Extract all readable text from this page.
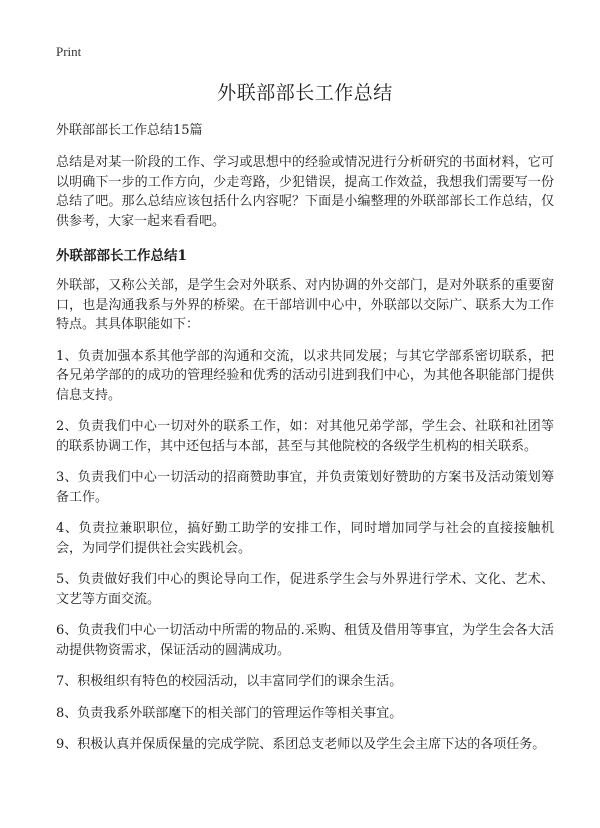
Print
外联部部长工作总结
外联部部长工作总结15篇

总结是对某一阶段的工作、学习或思想中的经验或情况进行分析研究的书面材料，它可以明确下一步的工作方向，少走弯路，少犯错误，提高工作效益，我想我们需要写一份总结了吧。那么总结应该包括什么内容呢？下面是小编整理的外联部部长工作总结，仅供参考，大家一起来看看吧。

外联部部长工作总结1

外联部，又称公关部，是学生会对外联系、对内协调的外交部门，是对外联系的重要窗口，也是沟通我系与外界的桥梁。在干部培训中心中，外联部以交际广、联系大为工作特点。其具体职能如下：

1、负责加强本系其他学部的沟通和交流，以求共同发展；与其它学部系密切联系，把各兄弟学部的的成功的管理经验和优秀的活动引进到我们中心，为其他各职能部门提供信息支持。

2、负责我们中心一切对外的联系工作，如：对其他兄弟学部，学生会、社联和社团等的联系协调工作，其中还包括与本部，甚至与其他院校的各级学生机构的相关联系。

3、负责我们中心一切活动的招商赞助事宜，并负责策划好赞助的方案书及活动策划筹备工作。

4、负责拉兼职职位，搞好勤工助学的安排工作，同时增加同学与社会的直接接触机会，为同学们提供社会实践机会。

5、负责做好我们中心的舆论导向工作，促进系学生会与外界进行学术、文化、艺术、文艺等方面交流。

6、负责我们中心一切活动中所需的物品的.采购、租赁及借用等事宜，为学生会各大活动提供物资需求，保证活动的圆满成功。

7、积极组织有特色的校园活动，以丰富同学们的课余生活。

8、负责我系外联部麾下的相关部门的管理运作等相关事宜。

9、积极认真并保质保量的完成学院、系团总支老师以及学生会主席下达的各项任务。
